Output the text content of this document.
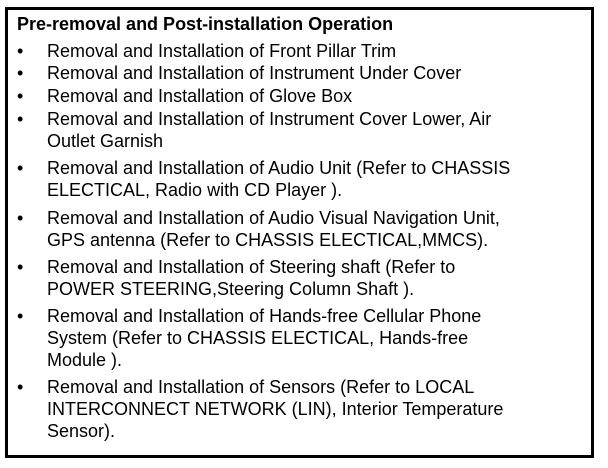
Pre-removal and Post-installation Operation
•	Removal and Installation of Front Pillar Trim
•	Removal and Installation of Instrument Under Cover
•	Removal and Installation of Glove Box
•	Removal and Installation of Instrument Cover Lower, Air
Outlet Garnish
•	Removal and Installation of Audio Unit (Refer to CHASSIS
ELECTICAL, Radio with CD Player ).
•	Removal and Installation of Audio Visual Navigation Unit,
GPS antenna (Refer to CHASSIS ELECTICAL,MMCS).
•	Removal and Installation of Steering shaft (Refer to
POWER STEERING,Steering Column Shaft ).
•	Removal and Installation of Hands-free Cellular Phone
System (Refer to CHASSIS ELECTICAL, Hands-free
Module ).
•	Removal and Installation of Sensors (Refer to LOCAL
INTERCONNECT NETWORK (LIN), Interior Temperature
Sensor).
